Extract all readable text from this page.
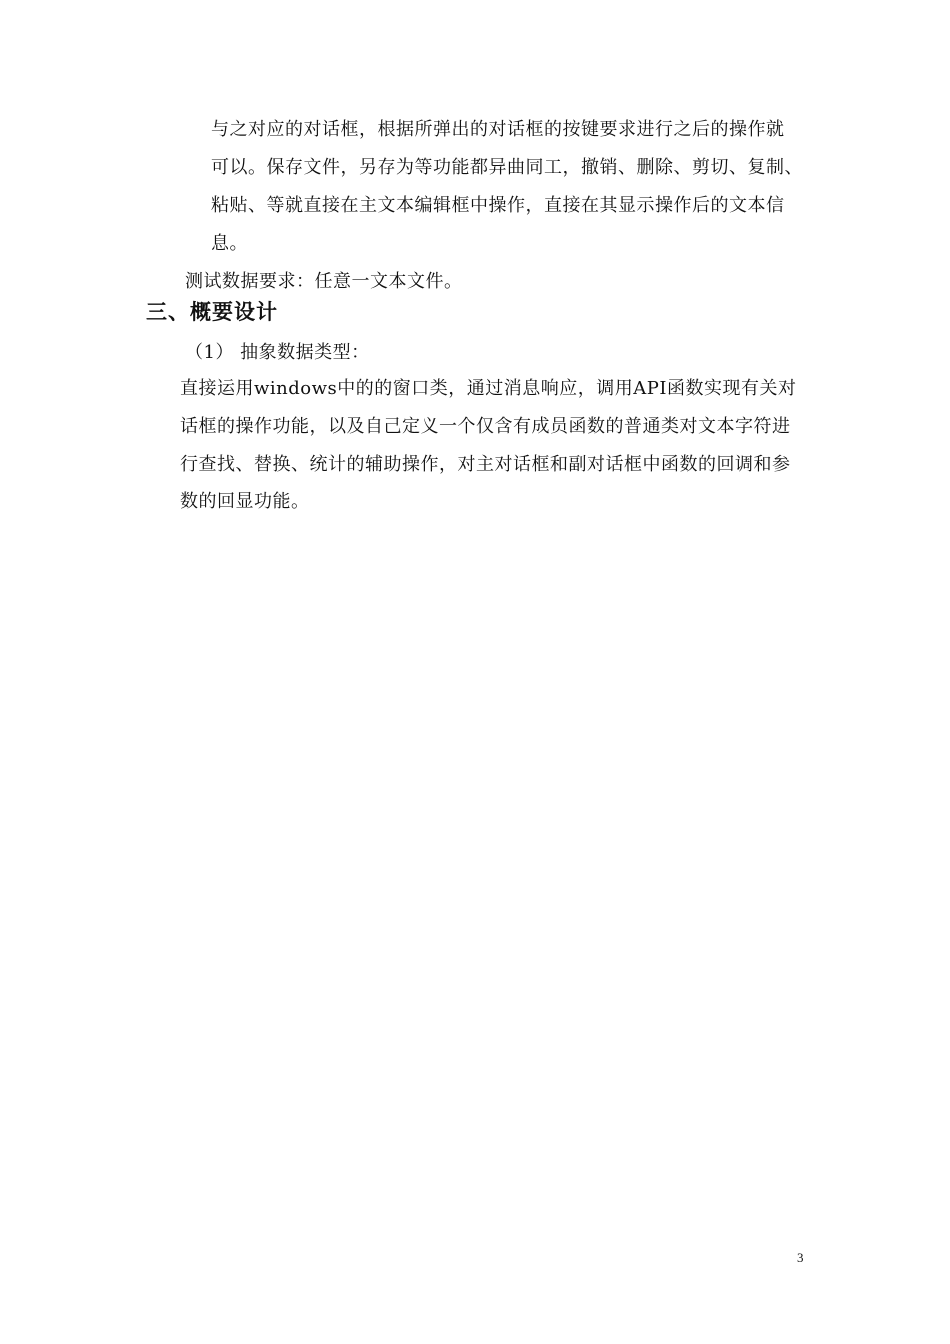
与之对应的对话框，根据所弹出的对话框的按键要求进行之后的操作就
可以。保存文件，另存为等功能都异曲同工，撤销、删除、剪切、复制、
粘贴、等就直接在主文本编辑框中操作，直接在其显示操作后的文本信
息。
测试数据要求：任意一文本文件。
三、概要设计
（1） 抽象数据类型：
直接运用windows中的的窗口类，通过消息响应，调用API函数实现有关对
话框的操作功能，以及自己定义一个仅含有成员函数的普通类对文本字符进
行查找、替换、统计的辅助操作，对主对话框和副对话框中函数的回调和参
数的回显功能。
3
